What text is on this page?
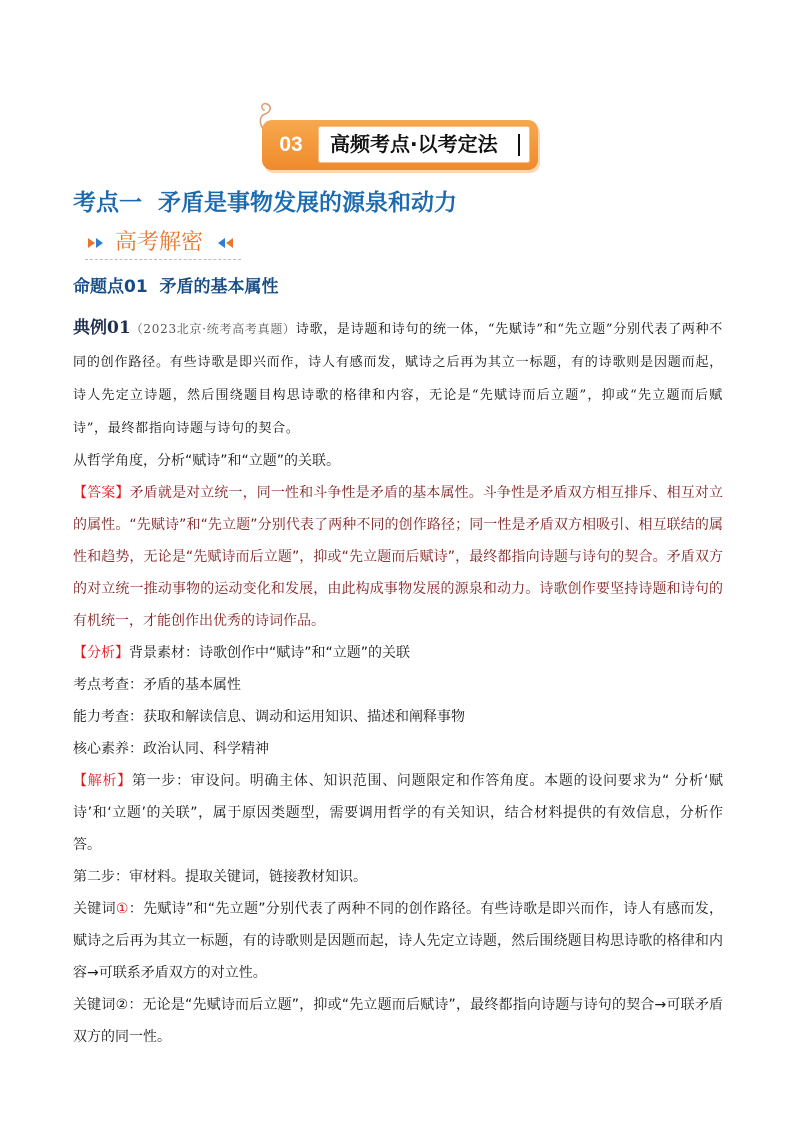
03	高频考点·以考定法
考点一  矛盾是事物发展的源泉和动力
高考解密
命题点01  矛盾的基本属性

典例01（2023北京·统考高考真题）诗歌，是诗题和诗句的统一体，“先赋诗”和“先立题”分别代表了两种不同的创作路径。有些诗歌是即兴而作，诗人有感而发，赋诗之后再为其立一标题，有的诗歌则是因题而起，诗人先定立诗题，然后围绕题目构思诗歌的格律和内容，无论是“先赋诗而后立题”，抑或“先立题而后赋诗”，最终都指向诗题与诗句的契合。

从哲学角度，分析“赋诗”和“立题”的关联。

【答案】矛盾就是对立统一，同一性和斗争性是矛盾的基本属性。斗争性是矛盾双方相互排斥、相互对立的属性。“先赋诗”和“先立题”分别代表了两种不同的创作路径；同一性是矛盾双方相吸引、相互联结的属性和趋势，无论是“先赋诗而后立题”，抑或“先立题而后赋诗”，最终都指向诗题与诗句的契合。矛盾双方的对立统一推动事物的运动变化和发展，由此构成事物发展的源泉和动力。诗歌创作要坚持诗题和诗句的有机统一，才能创作出优秀的诗词作品。

【分析】背景素材：诗歌创作中“赋诗”和“立题”的关联

考点考查：矛盾的基本属性

能力考查：获取和解读信息、调动和运用知识、描述和阐释事物

核心素养：政治认同、科学精神

【解析】第一步：审设问。明确主体、知识范围、问题限定和作答角度。本题的设问要求为“ 分析‘赋诗’和‘立题’的关联”，属于原因类题型，需要调用哲学的有关知识，结合材料提供的有效信息，分析作答。

第二步：审材料。提取关键词，链接教材知识。

关键词①：先赋诗”和“先立题”分别代表了两种不同的创作路径。有些诗歌是即兴而作，诗人有感而发，赋诗之后再为其立一标题，有的诗歌则是因题而起，诗人先定立诗题，然后围绕题目构思诗歌的格律和内容→可联系矛盾双方的对立性。

关键词②：无论是“先赋诗而后立题”，抑或“先立题而后赋诗”，最终都指向诗题与诗句的契合→可联矛盾双方的同一性。
